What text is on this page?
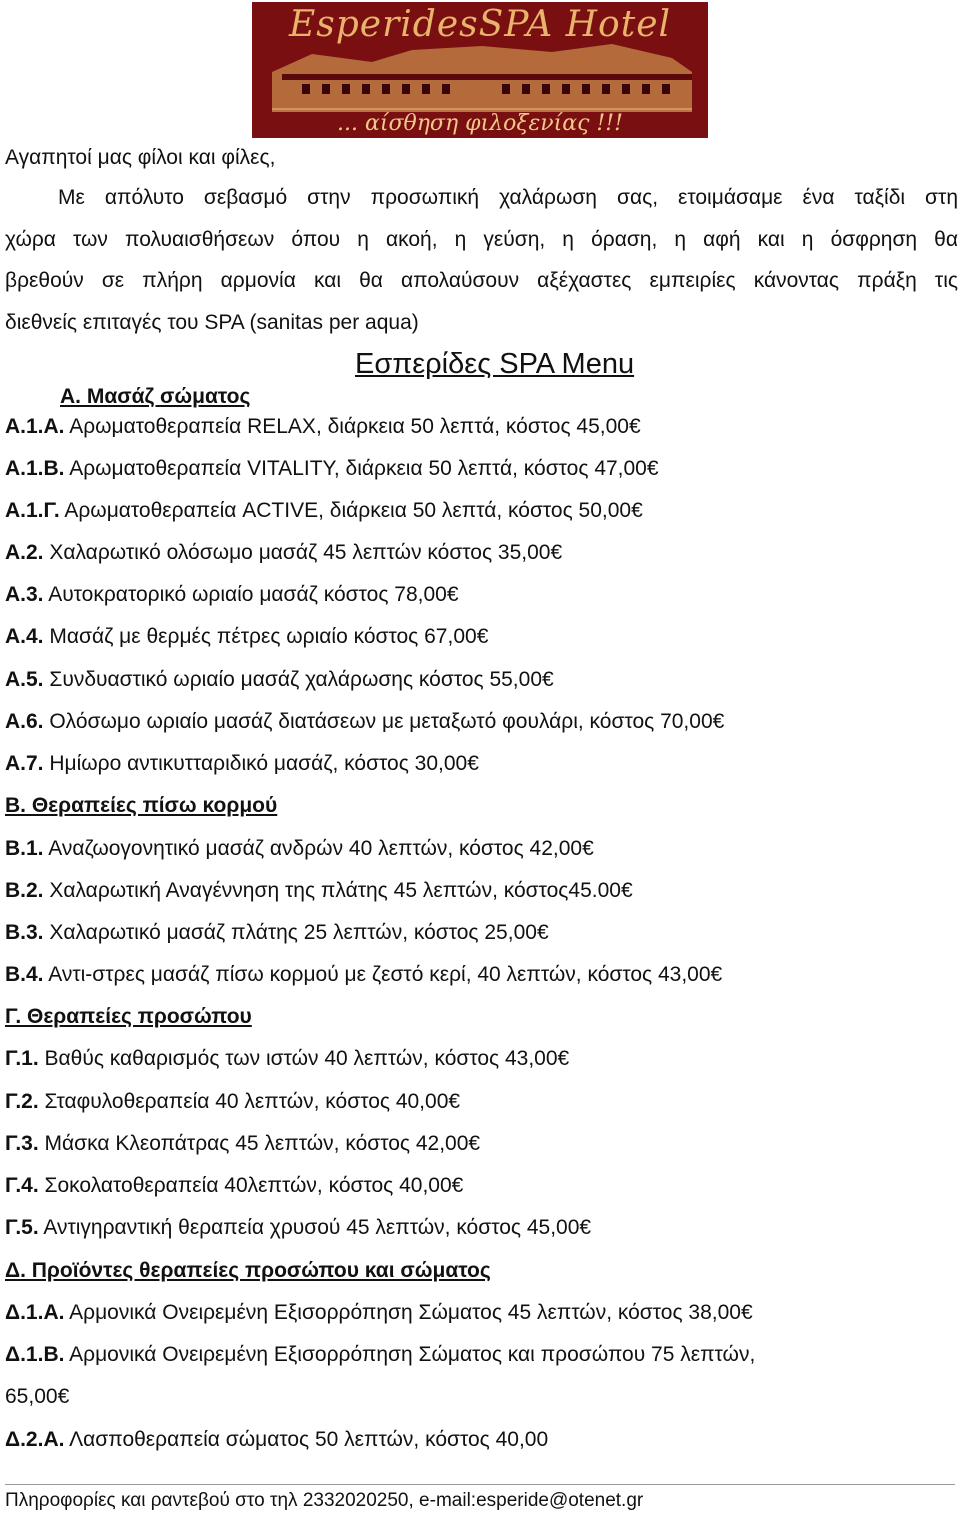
EsperidesSPA Hotel
... αίσθηση φιλοξενίας !!!
Αγαπητοί μας φίλοι και φίλες,
Με απόλυτο σεβασμό στην προσωπική χαλάρωση σας, ετοιμάσαμε ένα ταξίδι στη
χώρα των πολυαισθήσεων όπου η ακοή, η γεύση, η όραση, η αφή και η όσφρηση θα
βρεθούν σε πλήρη αρμονία και θα απολαύσουν αξέχαστες εμπειρίες κάνοντας πράξη τις
διεθνείς επιταγές του SPA (sanitas per aqua)
Εσπερίδες SPA Menu
Α. Μασάζ σώματος
Α.1.Α. Αρωματοθεραπεία RELAX, διάρκεια 50 λεπτά, κόστος 45,00€
Α.1.Β. Αρωματοθεραπεία VITALITY, διάρκεια 50 λεπτά, κόστος 47,00€
Α.1.Γ. Αρωματοθεραπεία ACTIVE, διάρκεια 50 λεπτά, κόστος 50,00€
Α.2. Χαλαρωτικό ολόσωμο μασάζ 45 λεπτών κόστος 35,00€
Α.3. Αυτοκρατορικό ωριαίο μασάζ κόστος 78,00€
Α.4. Μασάζ με θερμές πέτρες ωριαίο κόστος 67,00€
Α.5. Συνδυαστικό ωριαίο μασάζ χαλάρωσης κόστος 55,00€
Α.6. Ολόσωμο ωριαίο μασάζ διατάσεων με μεταξωτό φουλάρι, κόστος 70,00€
Α.7. Ημίωρο αντικυτταριδικό μασάζ, κόστος 30,00€
Β. Θεραπείες πίσω κορμού
Β.1. Αναζωογονητικό μασάζ ανδρών 40 λεπτών, κόστος 42,00€
Β.2. Χαλαρωτική Αναγέννηση της πλάτης 45 λεπτών, κόστος45.00€
Β.3. Χαλαρωτικό μασάζ πλάτης 25 λεπτών, κόστος 25,00€
Β.4. Αντι-στρες μασάζ πίσω κορμού με ζεστό κερί, 40 λεπτών, κόστος 43,00€
Γ. Θεραπείες προσώπου
Γ.1. Βαθύς καθαρισμός των ιστών 40 λεπτών, κόστος 43,00€
Γ.2. Σταφυλοθεραπεία 40 λεπτών, κόστος 40,00€
Γ.3. Μάσκα Κλεοπάτρας 45 λεπτών, κόστος 42,00€
Γ.4. Σοκολατοθεραπεία 40λεπτών, κόστος 40,00€
Γ.5. Αντιγηραντική θεραπεία χρυσού 45 λεπτών, κόστος 45,00€
Δ. Προϊόντες θεραπείες προσώπου και σώματος
Δ.1.Α. Αρμονικά Ονειρεμένη Εξισορρόπηση Σώματος 45 λεπτών, κόστος 38,00€
Δ.1.Β. Αρμονικά Ονειρεμένη Εξισορρόπηση Σώματος και προσώπου 75 λεπτών,
65,00€
Δ.2.Α. Λασποθεραπεία σώματος 50 λεπτών, κόστος 40,00
Πληροφορίες και ραντεβού στο τηλ 2332020250, e-mail:esperide@otenet.gr
